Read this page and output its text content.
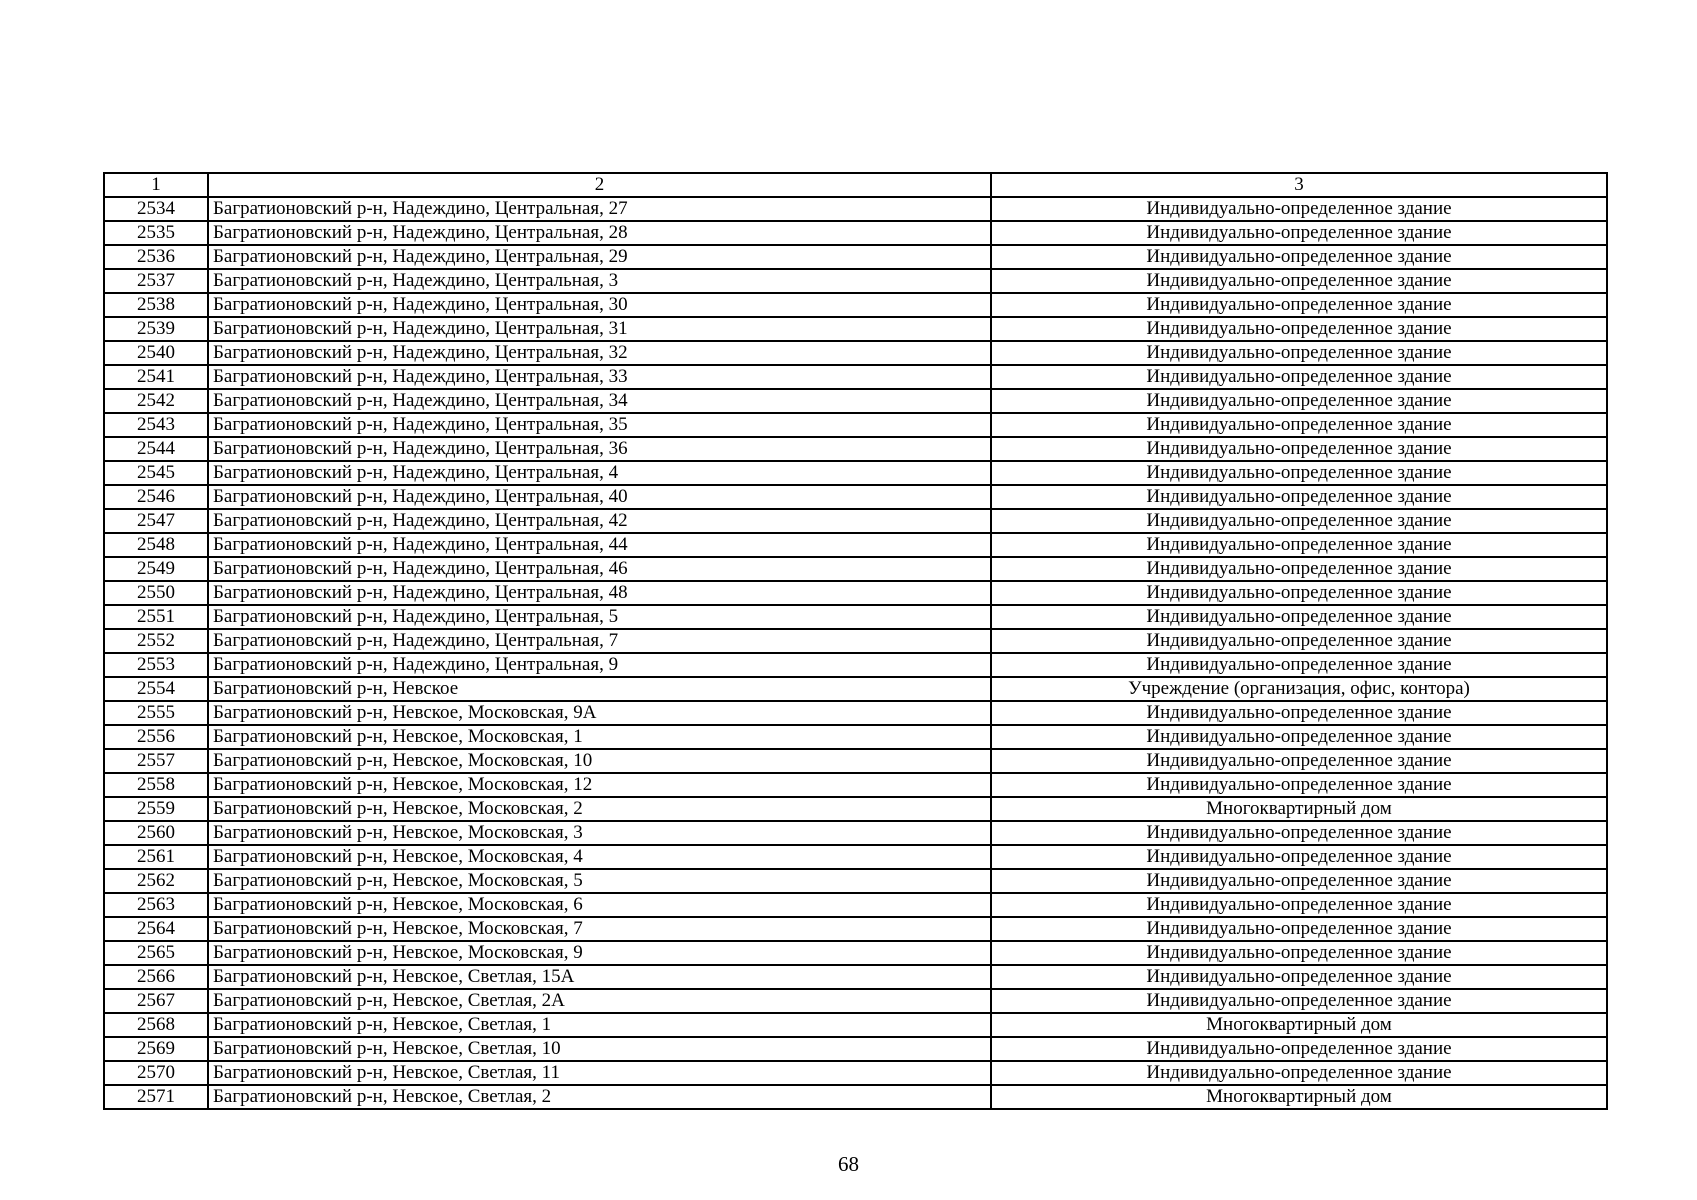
1	2	3
2534	Багратионовский р-н, Надеждино, Центральная, 27	Индивидуально-определенное здание
2535	Багратионовский р-н, Надеждино, Центральная, 28	Индивидуально-определенное здание
2536	Багратионовский р-н, Надеждино, Центральная, 29	Индивидуально-определенное здание
2537	Багратионовский р-н, Надеждино, Центральная, 3	Индивидуально-определенное здание
2538	Багратионовский р-н, Надеждино, Центральная, 30	Индивидуально-определенное здание
2539	Багратионовский р-н, Надеждино, Центральная, 31	Индивидуально-определенное здание
2540	Багратионовский р-н, Надеждино, Центральная, 32	Индивидуально-определенное здание
2541	Багратионовский р-н, Надеждино, Центральная, 33	Индивидуально-определенное здание
2542	Багратионовский р-н, Надеждино, Центральная, 34	Индивидуально-определенное здание
2543	Багратионовский р-н, Надеждино, Центральная, 35	Индивидуально-определенное здание
2544	Багратионовский р-н, Надеждино, Центральная, 36	Индивидуально-определенное здание
2545	Багратионовский р-н, Надеждино, Центральная, 4	Индивидуально-определенное здание
2546	Багратионовский р-н, Надеждино, Центральная, 40	Индивидуально-определенное здание
2547	Багратионовский р-н, Надеждино, Центральная, 42	Индивидуально-определенное здание
2548	Багратионовский р-н, Надеждино, Центральная, 44	Индивидуально-определенное здание
2549	Багратионовский р-н, Надеждино, Центральная, 46	Индивидуально-определенное здание
2550	Багратионовский р-н, Надеждино, Центральная, 48	Индивидуально-определенное здание
2551	Багратионовский р-н, Надеждино, Центральная, 5	Индивидуально-определенное здание
2552	Багратионовский р-н, Надеждино, Центральная, 7	Индивидуально-определенное здание
2553	Багратионовский р-н, Надеждино, Центральная, 9	Индивидуально-определенное здание
2554	Багратионовский р-н, Невское	Учреждение (организация, офис, контора)
2555	Багратионовский р-н, Невское, Московская, 9А	Индивидуально-определенное здание
2556	Багратионовский р-н, Невское, Московская, 1	Индивидуально-определенное здание
2557	Багратионовский р-н, Невское, Московская, 10	Индивидуально-определенное здание
2558	Багратионовский р-н, Невское, Московская, 12	Индивидуально-определенное здание
2559	Багратионовский р-н, Невское, Московская, 2	Многоквартирный дом
2560	Багратионовский р-н, Невское, Московская, 3	Индивидуально-определенное здание
2561	Багратионовский р-н, Невское, Московская, 4	Индивидуально-определенное здание
2562	Багратионовский р-н, Невское, Московская, 5	Индивидуально-определенное здание
2563	Багратионовский р-н, Невское, Московская, 6	Индивидуально-определенное здание
2564	Багратионовский р-н, Невское, Московская, 7	Индивидуально-определенное здание
2565	Багратионовский р-н, Невское, Московская, 9	Индивидуально-определенное здание
2566	Багратионовский р-н, Невское, Светлая, 15А	Индивидуально-определенное здание
2567	Багратионовский р-н, Невское, Светлая, 2А	Индивидуально-определенное здание
2568	Багратионовский р-н, Невское, Светлая, 1	Многоквартирный дом
2569	Багратионовский р-н, Невское, Светлая, 10	Индивидуально-определенное здание
2570	Багратионовский р-н, Невское, Светлая, 11	Индивидуально-определенное здание
2571	Багратионовский р-н, Невское, Светлая, 2	Многоквартирный дом
68
